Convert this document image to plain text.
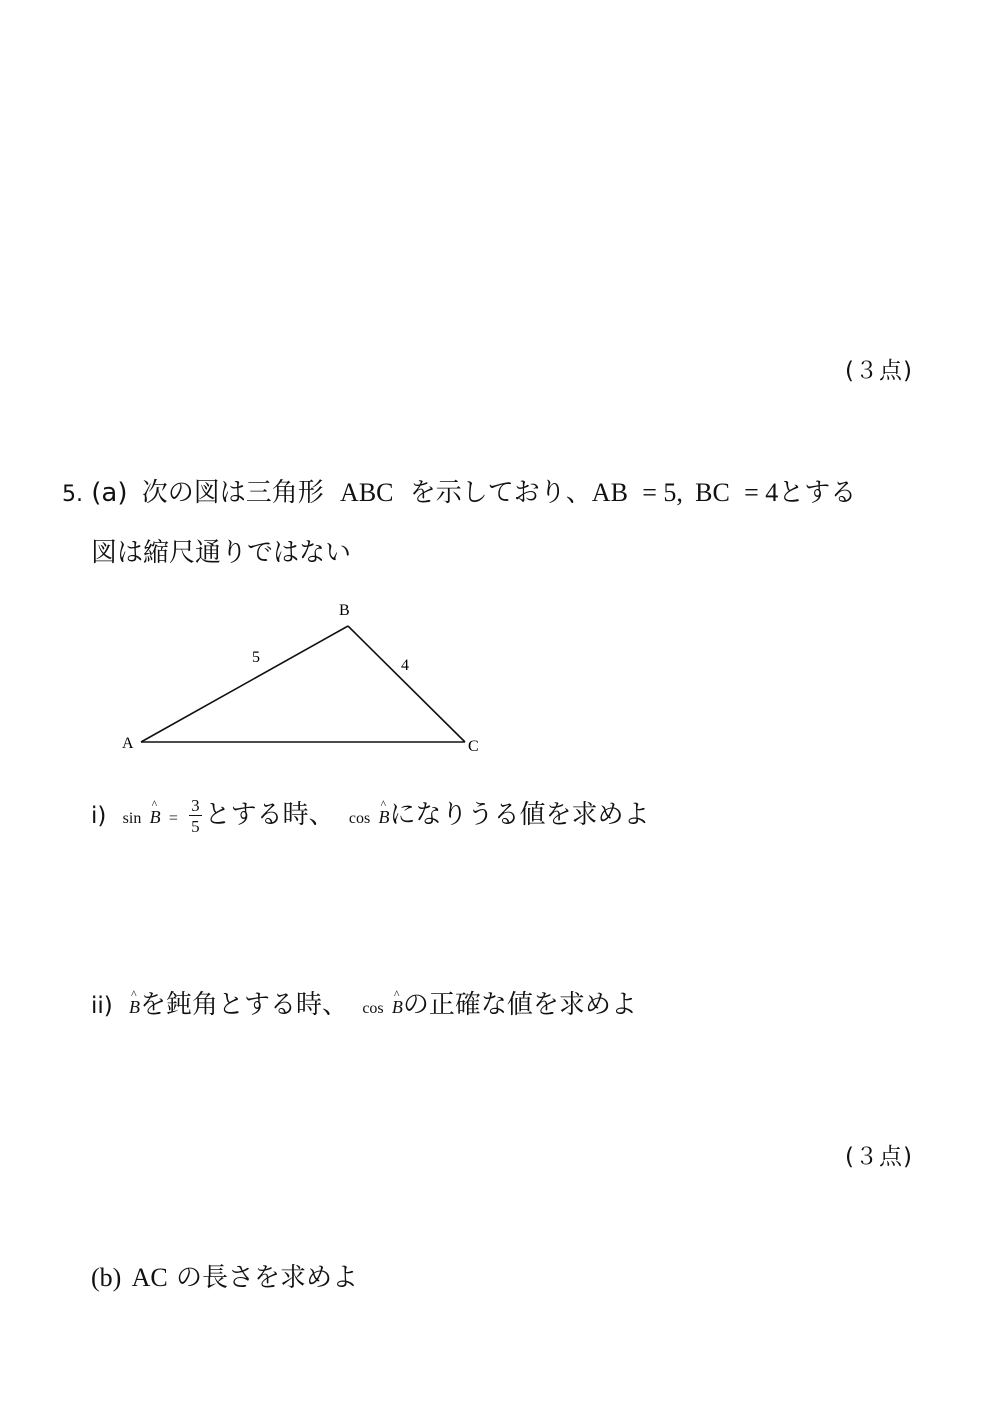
(３点)
5. (a) 次の図は三角形 ABC を示しており、AB = 5, BC = 4とする
図は縮尺通りではない
A
B
C
5	4
i) sin ^ $B = \frac{3}{5}$ とする時、 cos ^ Bになりうる値を求めよ
ii) ^ Bを鈍角とする時、 cos ^ Bの正確な値を求めよ
(３点)
(b) AC の長さを求めよ
